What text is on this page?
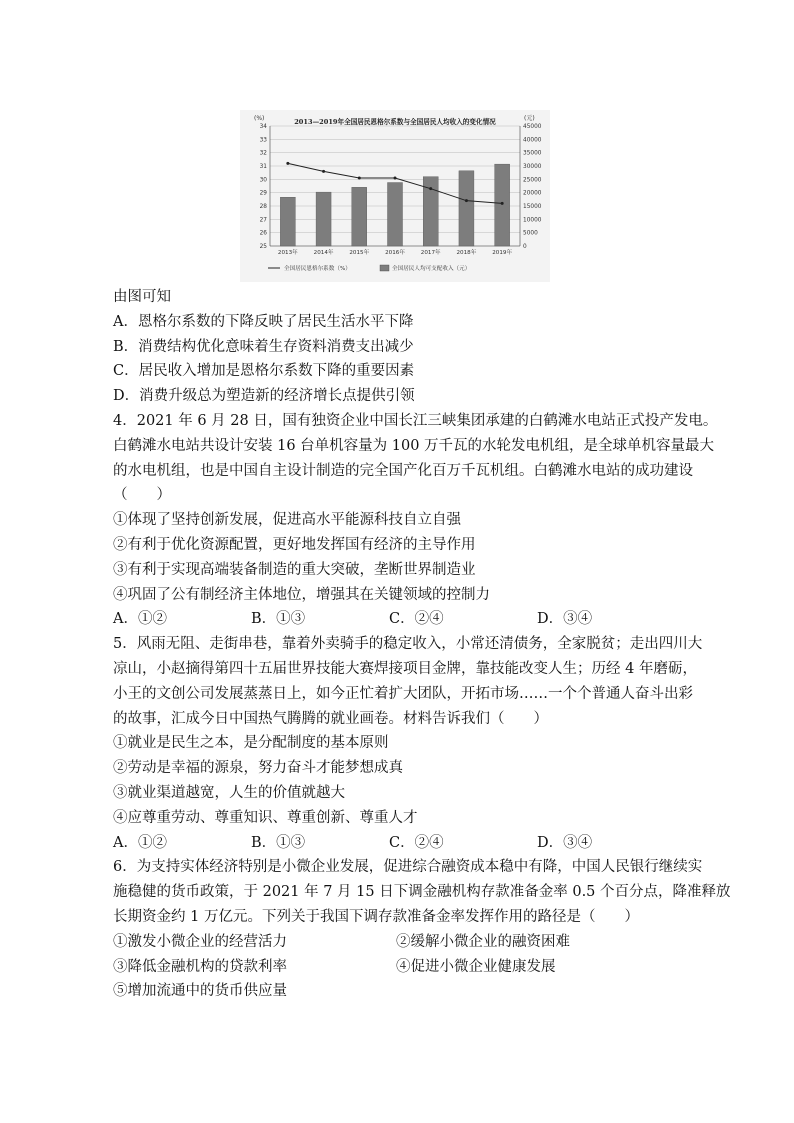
2013—2019年全国居民恩格尔系数与全国居民人均收入的变化情况
(%)	(元)
34
33
32
31
30
29
28
27
26
25
45000
40000
35000
30000
25000
20000
15000
10000
5000
0
2013年	2014年	2015年	2016年	2017年	2018年	2019年
全国居民恩格尔系数（%）	全国居民人均可支配收入（元）

由图可知

A．恩格尔系数的下降反映了居民生活水平下降

B．消费结构优化意味着生存资料消费支出减少

C．居民收入增加是恩格尔系数下降的重要因素

D．消费升级总为塑造新的经济增长点提供引领

4．2021 年 6 月 28 日，国有独资企业中国长江三峡集团承建的白鹤滩水电站正式投产发电。

白鹤滩水电站共设计安装 16 台单机容量为 100 万千瓦的水轮发电机组，是全球单机容量最大

的水电机组，也是中国自主设计制造的完全国产化百万千瓦机组。白鹤滩水电站的成功建设

（　　）

①体现了坚持创新发展，促进高水平能源科技自立自强

②有利于优化资源配置，更好地发挥国有经济的主导作用

③有利于实现高端装备制造的重大突破，垄断世界制造业

④巩固了公有制经济主体地位，增强其在关键领域的控制力

A．①②	B．①③	C．②④	D．③④

5．风雨无阻、走街串巷，靠着外卖骑手的稳定收入，小常还清债务，全家脱贫；走出四川大

凉山，小赵摘得第四十五届世界技能大赛焊接项目金牌，靠技能改变人生；历经 4 年磨砺，

小王的文创公司发展蒸蒸日上，如今正忙着扩大团队，开拓市场……一个个普通人奋斗出彩

的故事，汇成今日中国热气腾腾的就业画卷。材料告诉我们（　　）

①就业是民生之本，是分配制度的基本原则

②劳动是幸福的源泉，努力奋斗才能梦想成真

③就业渠道越宽，人生的价值就越大

④应尊重劳动、尊重知识、尊重创新、尊重人才

A．①②	B．①③	C．②④	D．③④

6．为支持实体经济特别是小微企业发展，促进综合融资成本稳中有降，中国人民银行继续实

施稳健的货币政策，于 2021 年 7 月 15 日下调金融机构存款准备金率 0.5 个百分点，降准释放

长期资金约 1 万亿元。下列关于我国下调存款准备金率发挥作用的路径是（　　）

①激发小微企业的经营活力	②缓解小微企业的融资困难
③降低金融机构的贷款利率	④促进小微企业健康发展

⑤增加流通中的货币供应量
